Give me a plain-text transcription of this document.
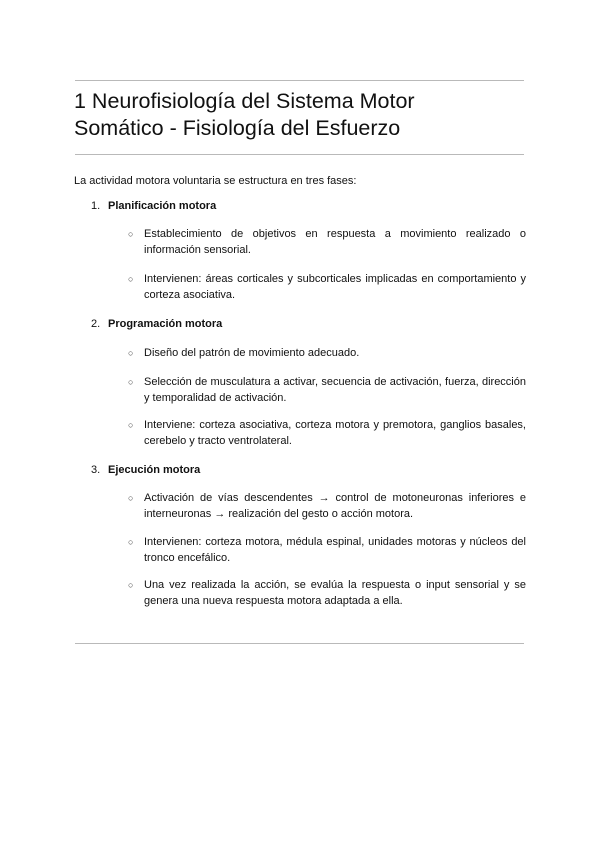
1 Neurofisiología del Sistema Motor
Somático - Fisiología del Esfuerzo

La actividad motora voluntaria se estructura en tres fases:

1. Planificación motora

○ Establecimiento de objetivos en respuesta a movimiento realizado o información sensorial.
○ Intervienen: áreas corticales y subcorticales implicadas en comportamiento y corteza asociativa.

2. Programación motora

○ Diseño del patrón de movimiento adecuado.
○ Selección de musculatura a activar, secuencia de activación, fuerza, dirección y temporalidad de activación.
○ Interviene: corteza asociativa, corteza motora y premotora, ganglios basales, cerebelo y tracto ventrolateral.

3. Ejecución motora

○ Activación de vías descendentes → control de motoneuronas inferiores e interneuronas → realización del gesto o acción motora.
○ Intervienen: corteza motora, médula espinal, unidades motoras y núcleos del tronco encefálico.
○ Una vez realizada la acción, se evalúa la respuesta o input sensorial y se genera una nueva respuesta motora adaptada a ella.
